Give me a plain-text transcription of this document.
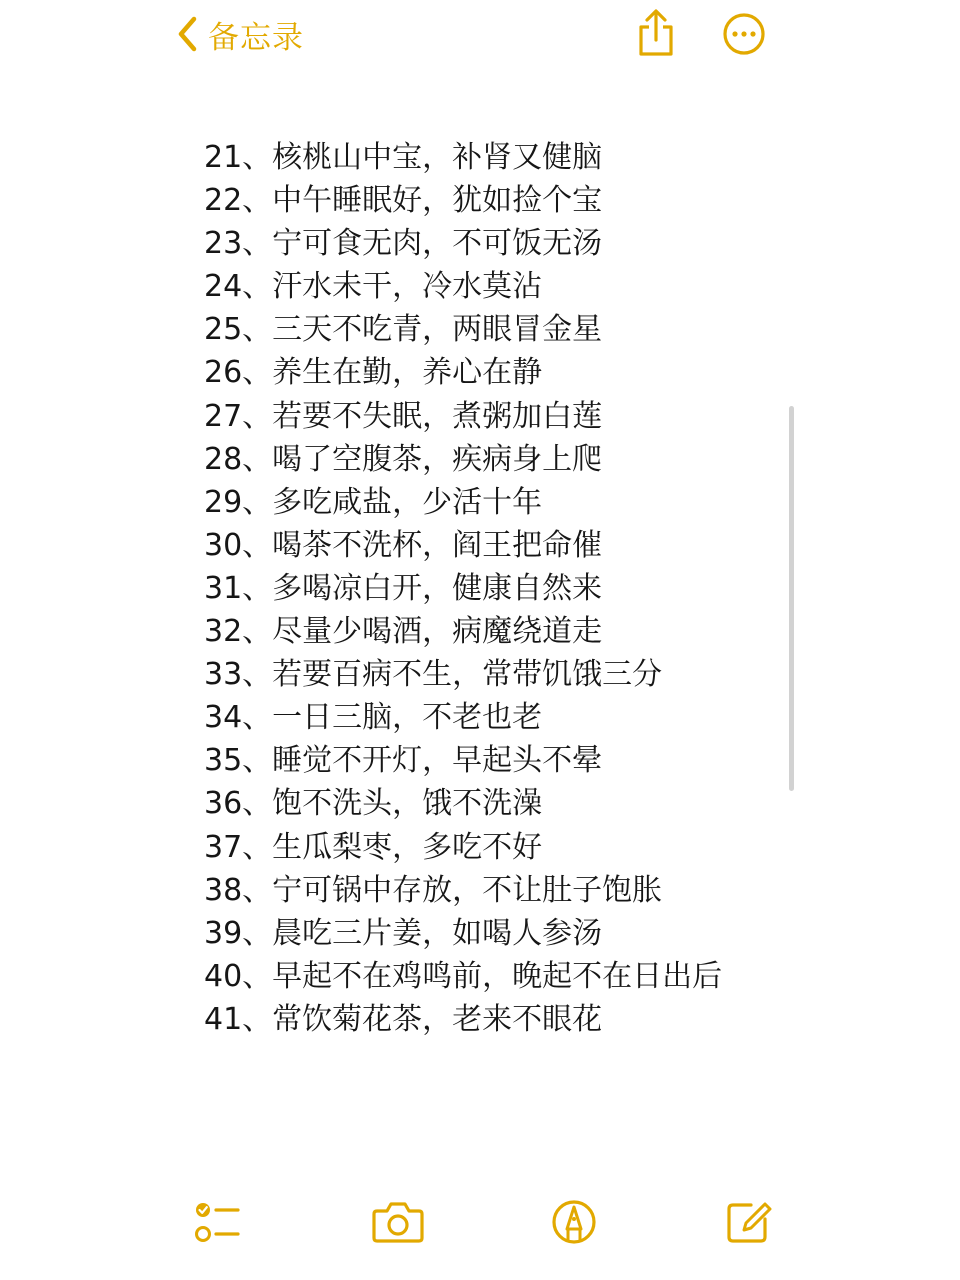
备忘录
21、核桃山中宝，补肾又健脑
22、中午睡眠好，犹如捡个宝
23、宁可食无肉，不可饭无汤
24、汗水未干，冷水莫沾
25、三天不吃青，两眼冒金星
26、养生在勤，养心在静
27、若要不失眠，煮粥加白莲
28、喝了空腹茶，疾病身上爬
29、多吃咸盐，少活十年
30、喝茶不洗杯，阎王把命催
31、多喝凉白开，健康自然来
32、尽量少喝酒，病魔绕道走
33、若要百病不生，常带饥饿三分
34、一日三脑，不老也老
35、睡觉不开灯，早起头不晕
36、饱不洗头，饿不洗澡
37、生瓜梨枣，多吃不好
38、宁可锅中存放，不让肚子饱胀
39、晨吃三片姜，如喝人参汤
40、早起不在鸡鸣前，晚起不在日出后
41、常饮菊花茶，老来不眼花
